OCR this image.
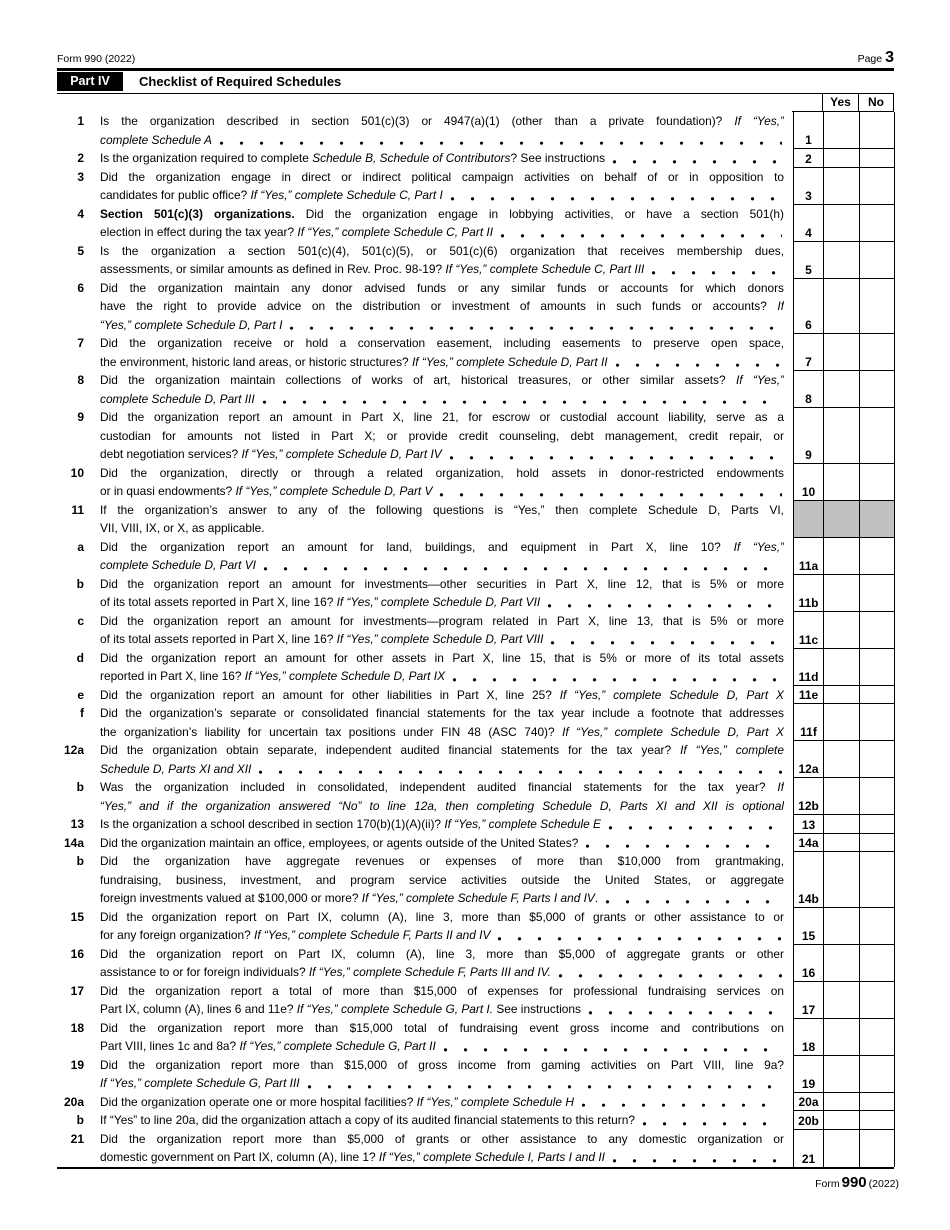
Form 990 (2022)	Page 3
Part IV	Checklist of Required Schedules
Yes	No
1 Is the organization described in section 501(c)(3) or 4947(a)(1) (other than a private foundation)? If “Yes,”
complete Schedule A	1
2 Is the organization required to complete Schedule B, Schedule of Contributors? See instructions	2
3 Did the organization engage in direct or indirect political campaign activities on behalf of or in opposition to
candidates for public office? If “Yes,” complete Schedule C, Part I	3
4 Section 501(c)(3) organizations. Did the organization engage in lobbying activities, or have a section 501(h)
election in effect during the tax year? If “Yes,” complete Schedule C, Part II	4
5 Is the organization a section 501(c)(4), 501(c)(5), or 501(c)(6) organization that receives membership dues,
assessments, or similar amounts as defined in Rev. Proc. 98-19? If “Yes,” complete Schedule C, Part III	5
6 Did the organization maintain any donor advised funds or any similar funds or accounts for which donors
have the right to provide advice on the distribution or investment of amounts in such funds or accounts? If
“Yes,” complete Schedule D, Part I	6
7 Did the organization receive or hold a conservation easement, including easements to preserve open space,
the environment, historic land areas, or historic structures? If “Yes,” complete Schedule D, Part II	7
8 Did the organization maintain collections of works of art, historical treasures, or other similar assets? If “Yes,”
complete Schedule D, Part III	8
9 Did the organization report an amount in Part X, line 21, for escrow or custodial account liability, serve as a
custodian for amounts not listed in Part X; or provide credit counseling, debt management, credit repair, or
debt negotiation services? If “Yes,” complete Schedule D, Part IV	9
10 Did the organization, directly or through a related organization, hold assets in donor-restricted endowments
or in quasi endowments? If “Yes,” complete Schedule D, Part V	10
11 If the organization’s answer to any of the following questions is “Yes,” then complete Schedule D, Parts VI,
VII, VIII, IX, or X, as applicable.
a Did the organization report an amount for land, buildings, and equipment in Part X, line 10? If “Yes,”
complete Schedule D, Part VI	11a
b Did the organization report an amount for investments—other securities in Part X, line 12, that is 5% or more
of its total assets reported in Part X, line 16? If “Yes,” complete Schedule D, Part VII	11b
c Did the organization report an amount for investments—program related in Part X, line 13, that is 5% or more
of its total assets reported in Part X, line 16? If “Yes,” complete Schedule D, Part VIII	11c
d Did the organization report an amount for other assets in Part X, line 15, that is 5% or more of its total assets
reported in Part X, line 16? If “Yes,” complete Schedule D, Part IX	11d
e Did the organization report an amount for other liabilities in Part X, line 25? If “Yes,” complete Schedule D, Part X	11e
f Did the organization’s separate or consolidated financial statements for the tax year include a footnote that addresses
the organization’s liability for uncertain tax positions under FIN 48 (ASC 740)? If “Yes,” complete Schedule D, Part X	11f
12a Did the organization obtain separate, independent audited financial statements for the tax year? If “Yes,” complete
Schedule D, Parts XI and XII	12a
b Was the organization included in consolidated, independent audited financial statements for the tax year? If
“Yes,” and if the organization answered “No” to line 12a, then completing Schedule D, Parts XI and XII is optional	12b
13 Is the organization a school described in section 170(b)(1)(A)(ii)? If “Yes,” complete Schedule E	13
14a Did the organization maintain an office, employees, or agents outside of the United States?	14a
b Did the organization have aggregate revenues or expenses of more than $10,000 from grantmaking,
fundraising, business, investment, and program service activities outside the United States, or aggregate
foreign investments valued at $100,000 or more? If “Yes,” complete Schedule F, Parts I and IV.	14b
15 Did the organization report on Part IX, column (A), line 3, more than $5,000 of grants or other assistance to or
for any foreign organization? If “Yes,” complete Schedule F, Parts II and IV	15
16 Did the organization report on Part IX, column (A), line 3, more than $5,000 of aggregate grants or other
assistance to or for foreign individuals? If “Yes,” complete Schedule F, Parts III and IV.	16
17 Did the organization report a total of more than $15,000 of expenses for professional fundraising services on
Part IX, column (A), lines 6 and 11e? If “Yes,” complete Schedule G, Part I. See instructions	17
18 Did the organization report more than $15,000 total of fundraising event gross income and contributions on
Part VIII, lines 1c and 8a? If “Yes,” complete Schedule G, Part II	18
19 Did the organization report more than $15,000 of gross income from gaming activities on Part VIII, line 9a?
If “Yes,” complete Schedule G, Part III	19
20a Did the organization operate one or more hospital facilities? If “Yes,” complete Schedule H	20a
b If “Yes” to line 20a, did the organization attach a copy of its audited financial statements to this return?	20b
21 Did the organization report more than $5,000 of grants or other assistance to any domestic organization or
domestic government on Part IX, column (A), line 1? If “Yes,” complete Schedule I, Parts I and II	21
Form 990 (2022)
